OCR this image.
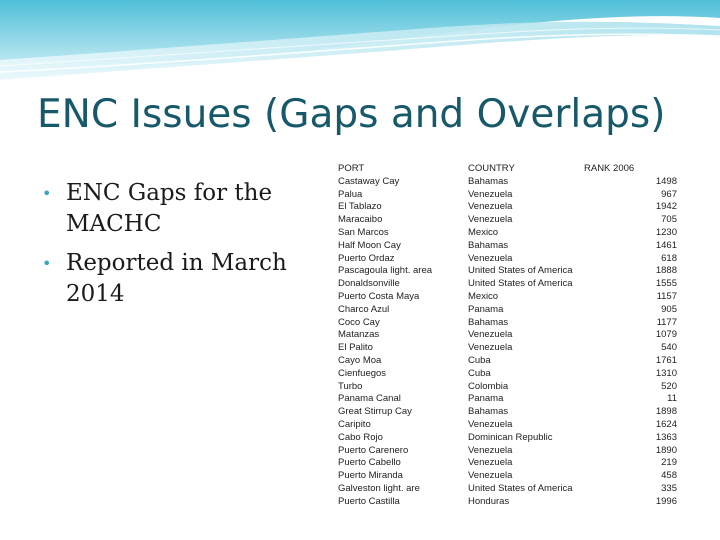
ENC Issues (Gaps and Overlaps)
• ENC Gaps for the MACHC
• Reported in March 2014
PORT	COUNTRY	RANK 2006
Castaway Cay	Bahamas	1498
Palua	Venezuela	967
El Tablazo	Venezuela	1942
Maracaibo	Venezuela	705
San Marcos	Mexico	1230
Half Moon Cay	Bahamas	1461
Puerto Ordaz	Venezuela	618
Pascagoula light. area	United States of America	1888
Donaldsonville	United States of America	1555
Puerto Costa Maya	Mexico	1157
Charco Azul	Panama	905
Coco Cay	Bahamas	1177
Matanzas	Venezuela	1079
El Palito	Venezuela	540
Cayo Moa	Cuba	1761
Cienfuegos	Cuba	1310
Turbo	Colombia	520
Panama Canal	Panama	11
Great Stirrup Cay	Bahamas	1898
Caripito	Venezuela	1624
Cabo Rojo	Dominican Republic	1363
Puerto Carenero	Venezuela	1890
Puerto Cabello	Venezuela	219
Puerto Miranda	Venezuela	458
Galveston light. are	United States of America	335
Puerto Castilla	Honduras	1996
